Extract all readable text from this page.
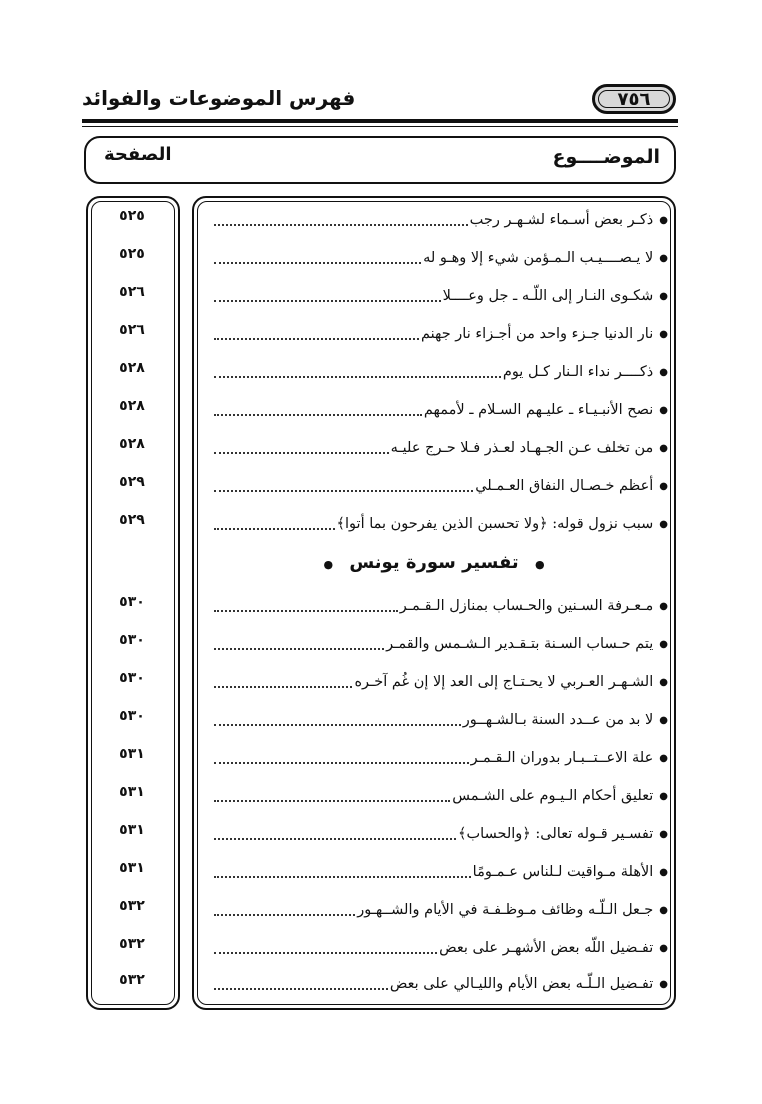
٧٥٦
فهرس الموضوعات والفوائد
الموضــــوع
الصفحة
●
ذكـر بعض أسـماء لشـهـر رجب
٥٢٥
●
لا يـصــــيـب الـمـؤمن شيء إلا وهـو له
٥٢٥
●
شكـوى النـار إلى اللّـه ـ جل وعــــلا
٥٢٦
●
نار الدنيا جـزء واحد من أجـزاء نار جهنم
٥٢٦
●
ذكــــر نداء الـنار كـل يوم
٥٢٨
●
نصح الأنبـيـاء ـ عليـهم السـلام ـ لأممهم
٥٢٨
●
من تخلف عـن الجـهـاد لعـذر فـلا حـرج عليـه
٥٢٨
●
أعظم خـصـال النفاق العـمـلي
٥٢٩
●
سبب نزول قوله: ﴿ولا تحسبن الذين يفرحون بما أتوا﴾
٥٢٩
● تفسير سورة يونس ●
●
مـعـرفة السـنين والحـساب بمنازل الـقـمـر
٥٣٠
●
يتم حـساب السـنة بتـقـدير الـشـمس والقمـر
٥٣٠
●
الشـهـر العـربي لا يحـتـاج إلى العد إلا إن غُم آخـره
٥٣٠
●
لا بد من عــدد السنة بـالشـهــور
٥٣٠
●
علة الاعــتــبـار بدوران الـقـمـر
٥٣١
●
تعليق أحكام الـيـوم على الشـمس
٥٣١
●
تفسـير قـوله تعالى: ﴿والحساب﴾
٥٣١
●
الأهلة مـواقيت لـلناس عـمـومًا
٥٣١
●
جـعل الـلّـه وظائف مـوظـفـة في الأيام والشــهـور
٥٣٢
●
تفـضيل اللّه بعض الأشهـر على بعض
٥٣٢
●
تفـضيل الـلّـه بعض الأيام والليـالي على بعض
٥٣٢
